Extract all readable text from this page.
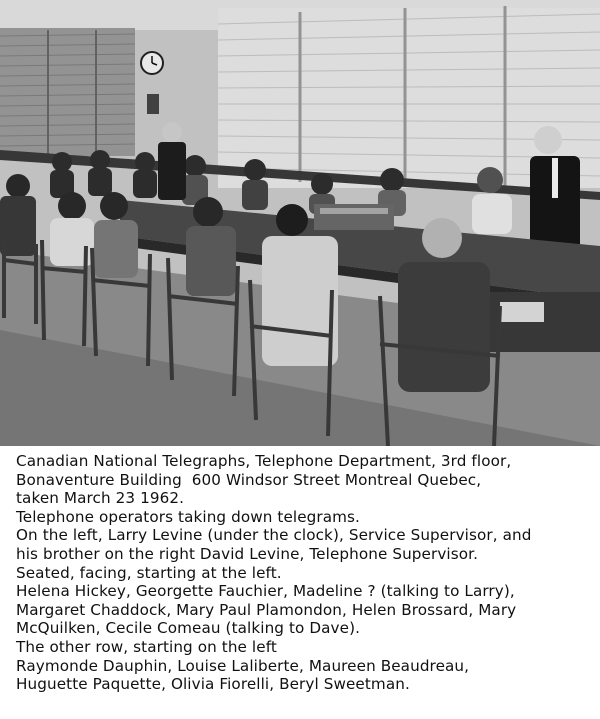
Canadian National Telegraphs, Telephone Department, 3rd floor,
Bonaventure Building  600 Windsor Street Montreal Quebec,
taken March 23 1962.
Telephone operators taking down telegrams.
On the left, Larry Levine (under the clock), Service Supervisor, and
his brother on the right David Levine, Telephone Supervisor.
Seated, facing, starting at the left.
Helena Hickey, Georgette Fauchier, Madeline ? (talking to Larry),
Margaret Chaddock, Mary Paul Plamondon, Helen Brossard, Mary
McQuilken, Cecile Comeau (talking to Dave).
The other row, starting on the left
Raymonde Dauphin, Louise Laliberte, Maureen Beaudreau,
Huguette Paquette, Olivia Fiorelli, Beryl Sweetman.
